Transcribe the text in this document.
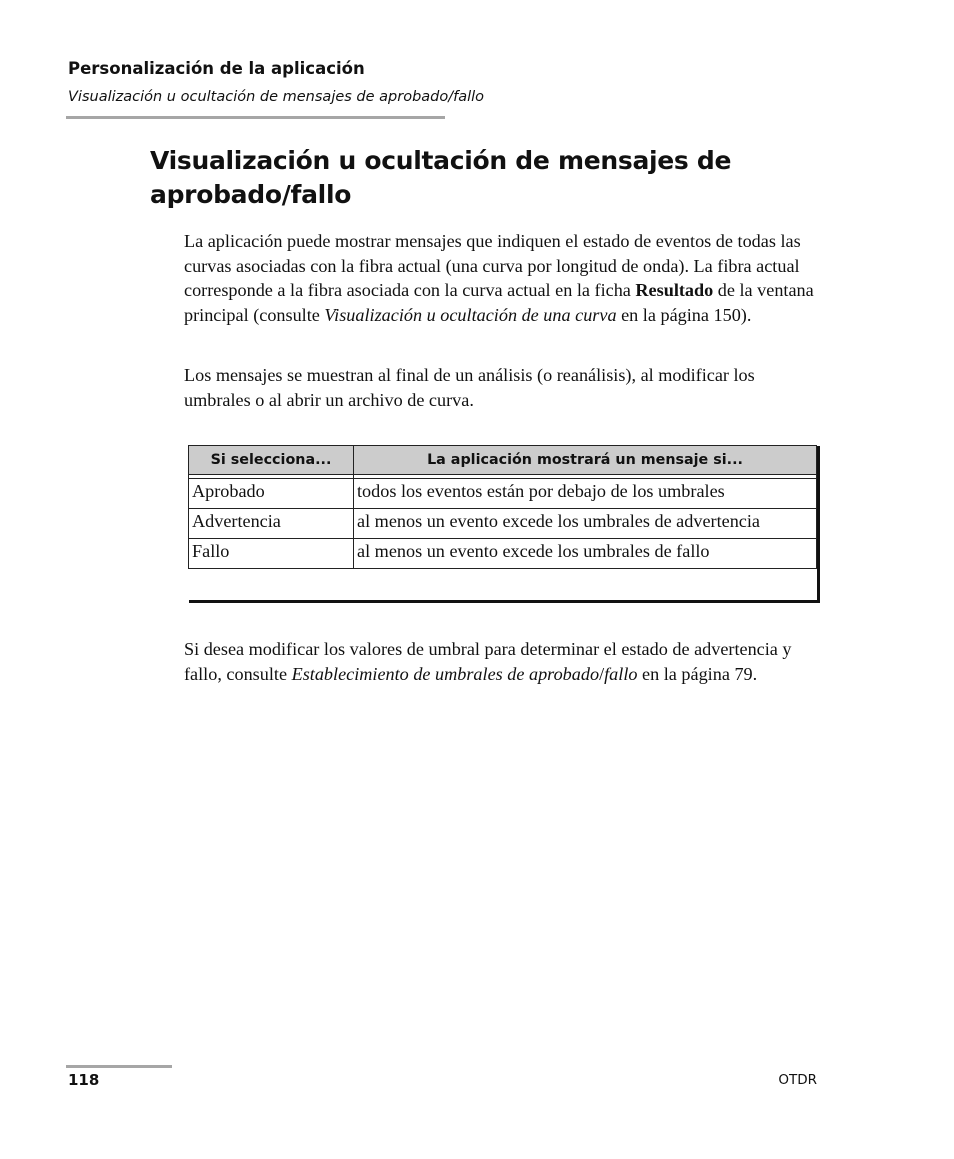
Personalización de la aplicación
Visualización u ocultación de mensajes de aprobado/fallo
Visualización u ocultación de mensajes de aprobado/fallo

La aplicación puede mostrar mensajes que indiquen el estado de eventos de todas las curvas asociadas con la fibra actual (una curva por longitud de onda). La fibra actual corresponde a la fibra asociada con la curva actual en la ficha Resultado de la ventana principal (consulte Visualización u ocultación de una curva en la página 150).

Los mensajes se muestran al final de un análisis (o reanálisis), al modificar los umbrales o al abrir un archivo de curva.

Si selecciona...	La aplicación mostrará un mensaje si...

Aprobado	todos los eventos están por debajo de los umbrales
Advertencia	al menos un evento excede los umbrales de advertencia
Fallo	al menos un evento excede los umbrales de fallo

Si desea modificar los valores de umbral para determinar el estado de advertencia y fallo, consulte Establecimiento de umbrales de aprobado/fallo en la página 79.

118	OTDR
